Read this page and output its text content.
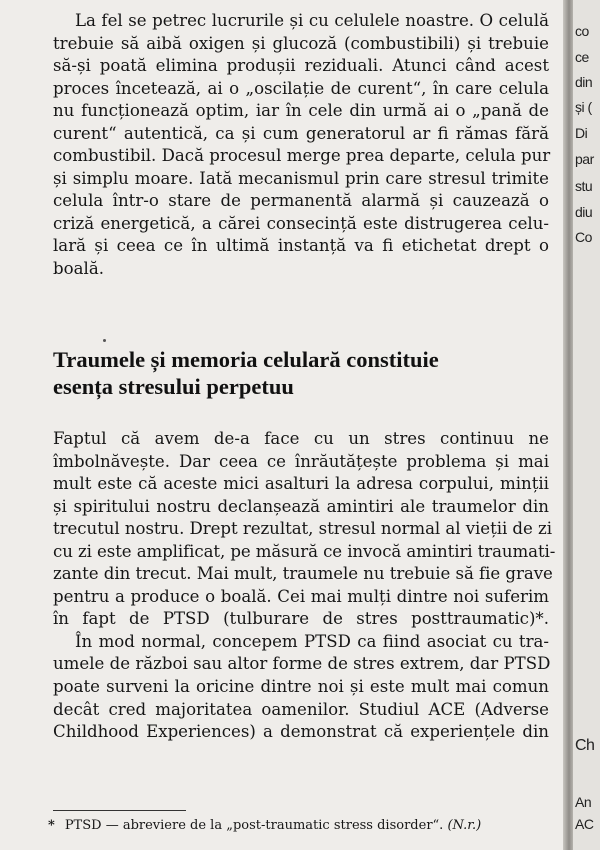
La fel se petrec lucrurile și cu celulele noastre. O celulă
trebuie să aibă oxigen și glucoză (combustibili) și trebuie
să-și poată elimina produșii reziduali. Atunci când acest
proces încetează, ai o „oscilație de curent“, în care celula
nu funcționează optim, iar în cele din urmă ai o „pană de
curent“ autentică, ca și cum generatorul ar fi rămas fără
combustibil. Dacă procesul merge prea departe, celula pur
și simplu moare. Iată mecanismul prin care stresul trimite
celula într-o stare de permanentă alarmă și cauzează o
criză energetică, a cărei consecință este distrugerea celu-
lară și ceea ce în ultimă instanță va fi etichetat drept o
boală.

Traumele și memoria celulară constituie
esența stresului perpetuu

Faptul că avem de-a face cu un stres continuu ne
îmbolnăvește. Dar ceea ce înrăutățește problema și mai
mult este că aceste mici asalturi la adresa corpului, minții
și spiritului nostru declanșează amintiri ale traumelor din
trecutul nostru. Drept rezultat, stresul normal al vieții de zi
cu zi este amplificat, pe măsură ce invocă amintiri traumati-
zante din trecut. Mai mult, traumele nu trebuie să fie grave
pentru a produce o boală. Cei mai mulți dintre noi suferim
în fapt de PTSD (tulburare de stres posttraumatic)*.

În mod normal, concepem PTSD ca fiind asociat cu tra-
umele de război sau altor forme de stres extrem, dar PTSD
poate surveni la oricine dintre noi și este mult mai comun
decât cred majoritatea oamenilor. Studiul ACE (Adverse
Childhood Experiences) a demonstrat că experiențele din

* PTSD — abreviere de la „post-traumatic stress disorder“. (N.r.)
co
ce
din
și (
Di
par
stu
diu
Co
Ch
An
AC
